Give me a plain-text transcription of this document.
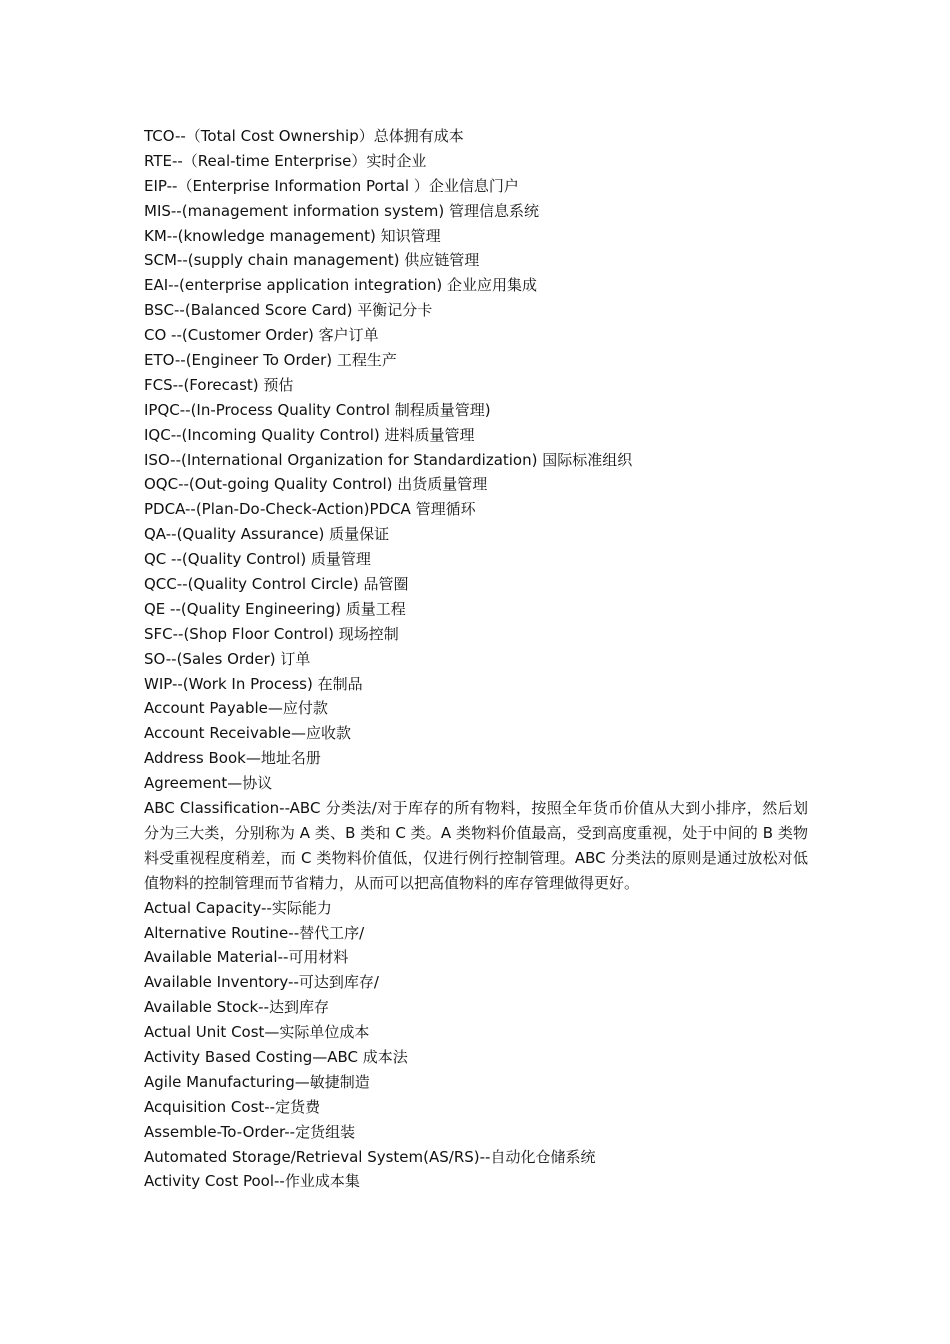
TCO--（Total Cost Ownership）总体拥有成本
RTE--（Real-time Enterprise）实时企业
EIP--（Enterprise Information Portal ）企业信息门户
MIS--(management information system) 管理信息系统
KM--(knowledge management) 知识管理
SCM--(supply chain management) 供应链管理
EAI--(enterprise application integration) 企业应用集成
BSC--(Balanced Score Card) 平衡记分卡
CO --(Customer Order) 客户订单
ETO--(Engineer To Order) 工程生产
FCS--(Forecast) 预估
IPQC--(In-Process Quality Control 制程质量管理)
IQC--(Incoming Quality Control) 进料质量管理
ISO--(International Organization for Standardization) 国际标准组织
OQC--(Out-going Quality Control) 出货质量管理
PDCA--(Plan-Do-Check-Action)PDCA 管理循环
QA--(Quality Assurance) 质量保证
QC --(Quality Control) 质量管理
QCC--(Quality Control Circle) 品管圈
QE --(Quality Engineering) 质量工程
SFC--(Shop Floor Control) 现场控制
SO--(Sales Order) 订单
WIP--(Work In Process) 在制品
Account Payable—应付款
Account Receivable—应收款
Address Book—地址名册
Agreement—协议
ABC Classification--ABC 分类法/对于库存的所有物料，按照全年货币价值从大到小排序，然后划分为三大类，分别称为 A 类、B 类和 C 类。A 类物料价值最高，受到高度重视，处于中间的 B 类物料受重视程度稍差，而 C 类物料价值低，仅进行例行控制管理。ABC 分类法的原则是通过放松对低值物料的控制管理而节省精力，从而可以把高值物料的库存管理做得更好。
Actual Capacity--实际能力
Alternative Routine--替代工序/
Available Material--可用材料
Available Inventory--可达到库存/
Available Stock--达到库存
Actual Unit Cost—实际单位成本
Activity Based Costing—ABC 成本法
Agile Manufacturing—敏捷制造
Acquisition Cost--定货费
Assemble-To-Order--定货组装
Automated Storage/Retrieval System(AS/RS)--自动化仓储系统
Activity Cost Pool--作业成本集
